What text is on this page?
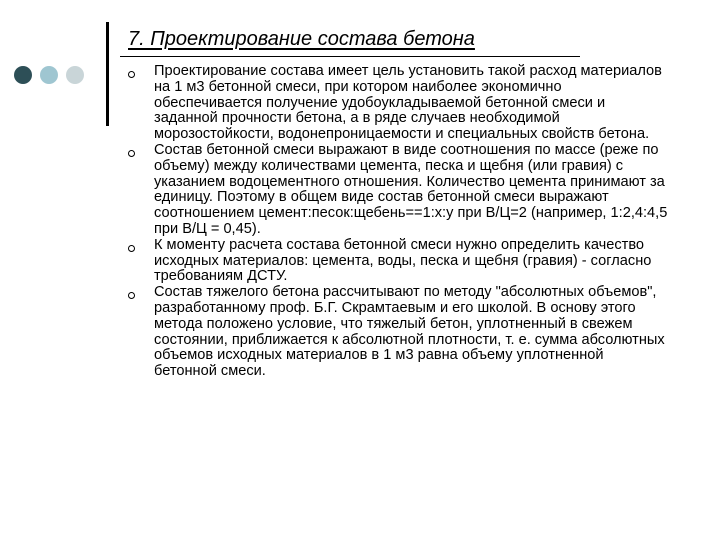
7. Проектирование состава бетона
Проектирование состава имеет цель установить такой расход материалов на 1 м3 бетонной смеси, при котором наиболее экономично обеспечивается получение удобоукладываемой бетонной смеси и заданной прочности бетона, а в ряде случаев необходимой морозостойкости, водонепроницаемости и специальных свойств бетона.
Состав бетонной смеси выражают в виде соотношения по массе (реже по объему) между количествами цемента, песка и щебня (или гравия) с указанием водоцементного отношения. Количество цемента принимают за единицу. Поэтому в общем виде состав бетонной смеси выражают соотношением цемент:песок:щебень==1:х:у при В/Ц=2 (например, 1:2,4:4,5 при В/Ц = 0,45).
К моменту расчета состава бетонной смеси нужно определить качество исходных материалов: цемента, воды, песка и щебня (гравия) - согласно требованиям ДСТУ.
Состав тяжелого бетона рассчитывают по методу "абсолютных объемов", разработанному проф. Б.Г. Скрамтаевым и его школой. В основу этого метода положено условие, что тяжелый бетон, уплотненный в свежем состоянии, приближается к абсолютной плотности, т. е. сумма абсолютных объемов исходных материалов в 1 м3 равна объему уплотненной бетонной смеси.
